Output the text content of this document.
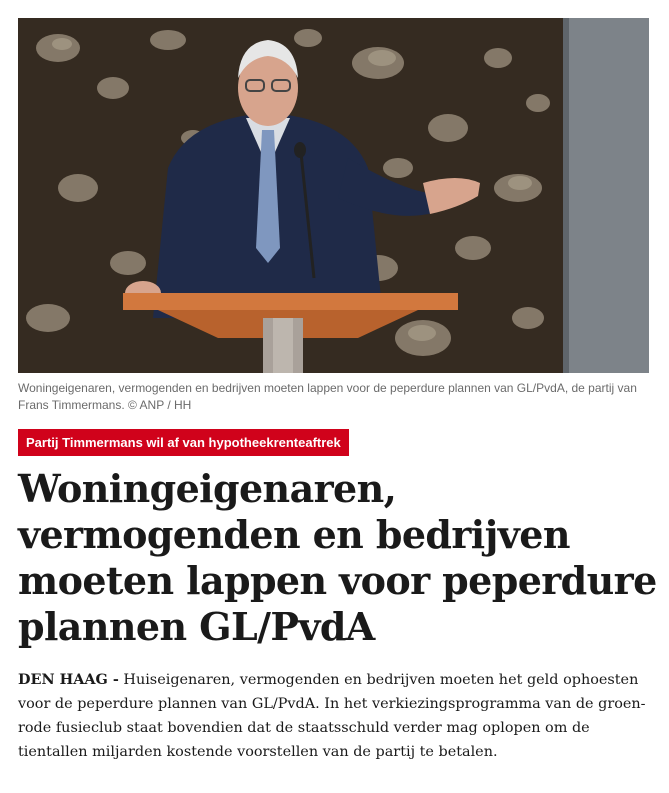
Woningeigenaren, vermogenden en bedrijven moeten lappen voor de peperdure plannen van GL/PvdA, de partij van Frans Timmermans. © ANP / HH
Partij Timmermans wil af van hypotheekrenteaftrek
Woningeigenaren, vermogenden en bedrijven moeten lappen voor peperdure plannen GL/PvdA

DEN HAAG - Huiseigenaren, vermogenden en bedrijven moeten het geld ophoesten voor de peperdure plannen van GL/PvdA. In het verkiezingsprogramma van de groen-rode fusieclub staat bovendien dat de staatsschuld verder mag oplopen om de tientallen miljarden kostende voorstellen van de partij te betalen.
